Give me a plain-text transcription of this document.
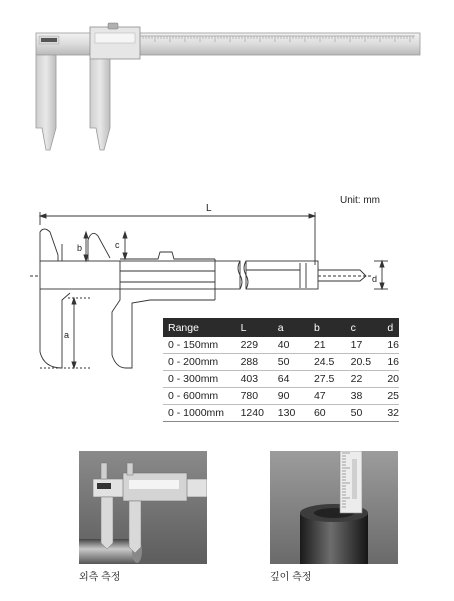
L
b	c
a
d
Unit: mm
Range	L	a	b	c	d
0 - 150mm	229	40	21	17	16
0 - 200mm	288	50	24.5	20.5	16
0 - 300mm	403	64	27.5	22	20
0 - 600mm	780	90	47	38	25
0 - 1000mm	1240	130	60	50	32
외측 측정	깊이 측정
